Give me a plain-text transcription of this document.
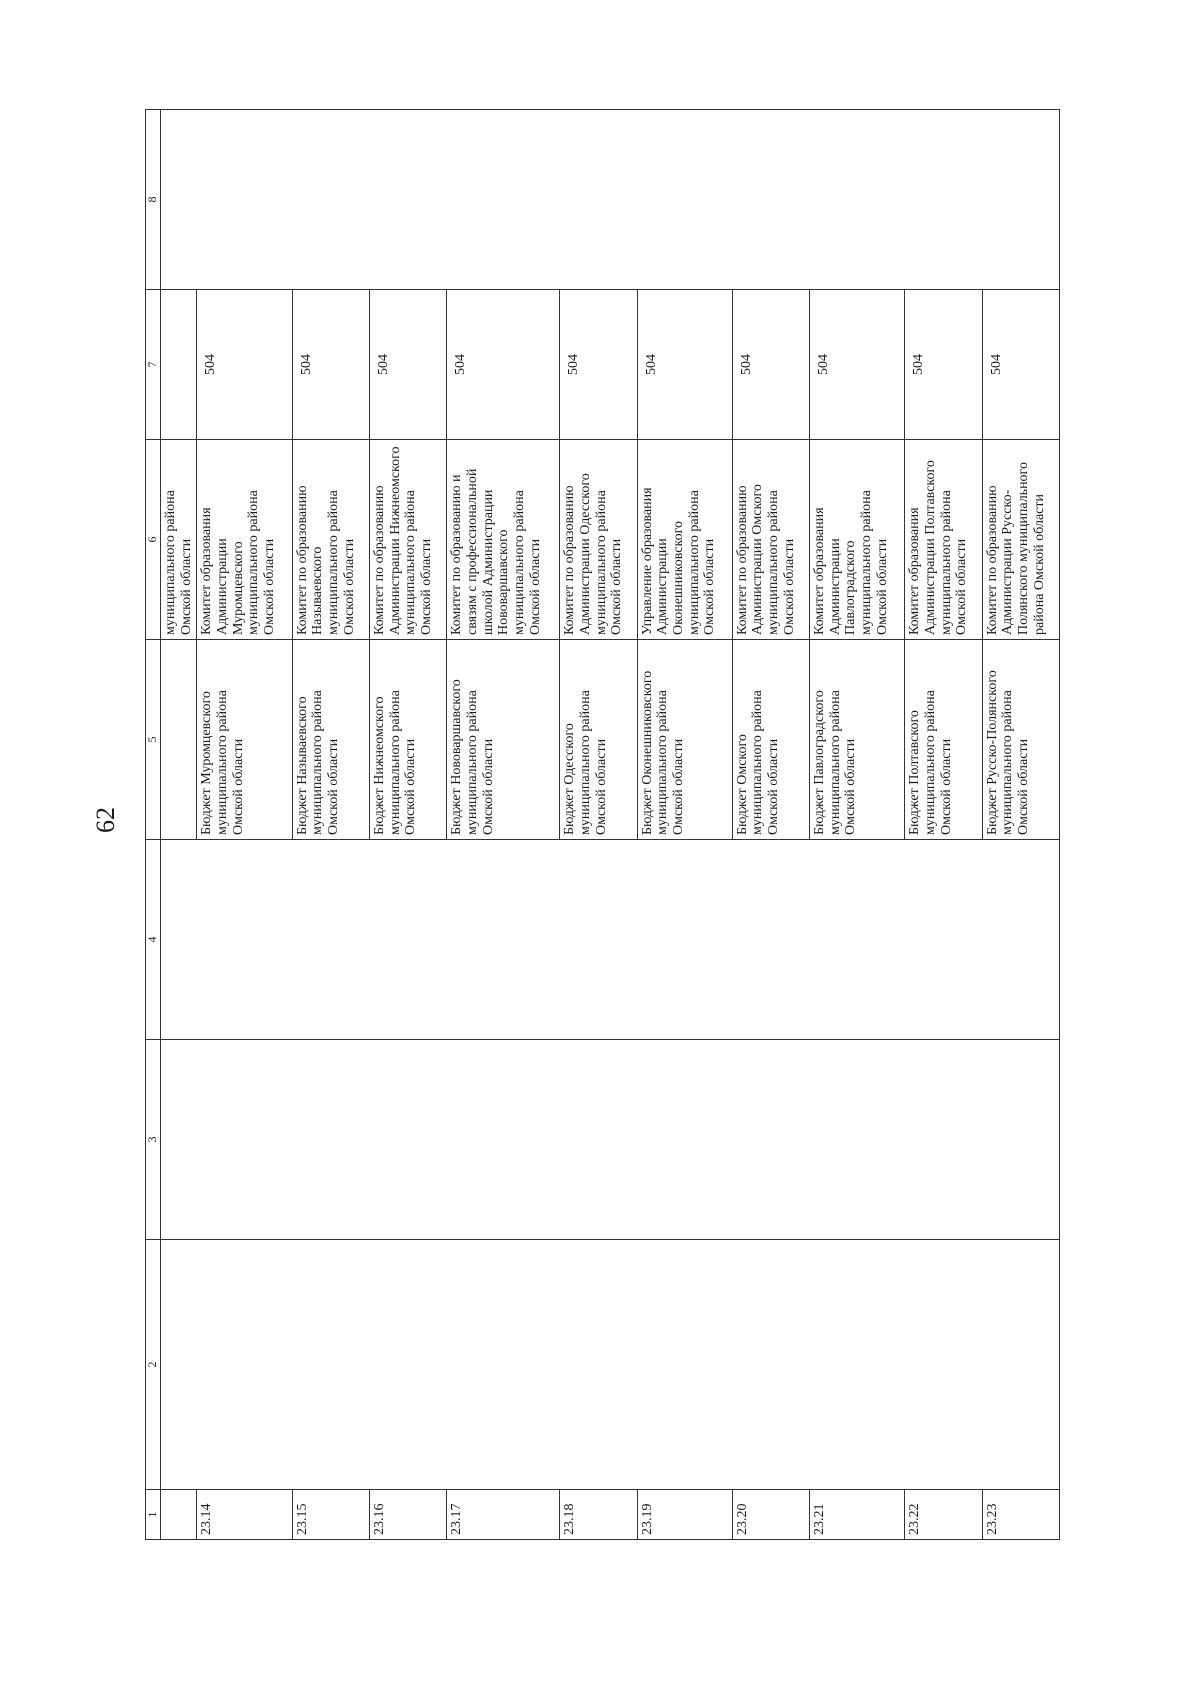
62
1	2	3	4	5	6	7	8
					муниципального района Омской области		
23.14				Бюджет Муромцевского муниципального района Омской области	Комитет образования Администрации Муромцевского муниципального района Омской области	504	
23.15				Бюджет Называевского муниципального района Омской области	Комитет по образованию Называевского муниципального района Омской области	504	
23.16				Бюджет Нижнеомского муниципального района Омской области	Комитет по образованию Администрации Нижнеомского муниципального района Омской области	504	
23.17				Бюджет Нововаршавского муниципального района Омской области	Комитет по образованию и связям с профессиональной школой Администрации Нововаршавского муниципального района Омской области	504	
23.18				Бюджет Одесского муниципального района Омской области	Комитет по образованию Администрации Одесского муниципального района Омской области	504	
23.19				Бюджет Оконешниковского муниципального района Омской области	Управление образования Администрации Оконешниковского муниципального района Омской области	504	
23.20				Бюджет Омского муниципального района Омской области	Комитет по образованию Администрации Омского муниципального района Омской области	504	
23.21				Бюджет Павлоградского муниципального района Омской области	Комитет образования Администрации Павлоградского муниципального района Омской области	504	
23.22				Бюджет Полтавского муниципального района Омской области	Комитет образования Администрации Полтавского муниципального района Омской области	504	
23.23				Бюджет Русско-Полянского муниципального района Омской области	Комитет по образованию Администрации Русско-Полянского муниципального района Омской области	504	
